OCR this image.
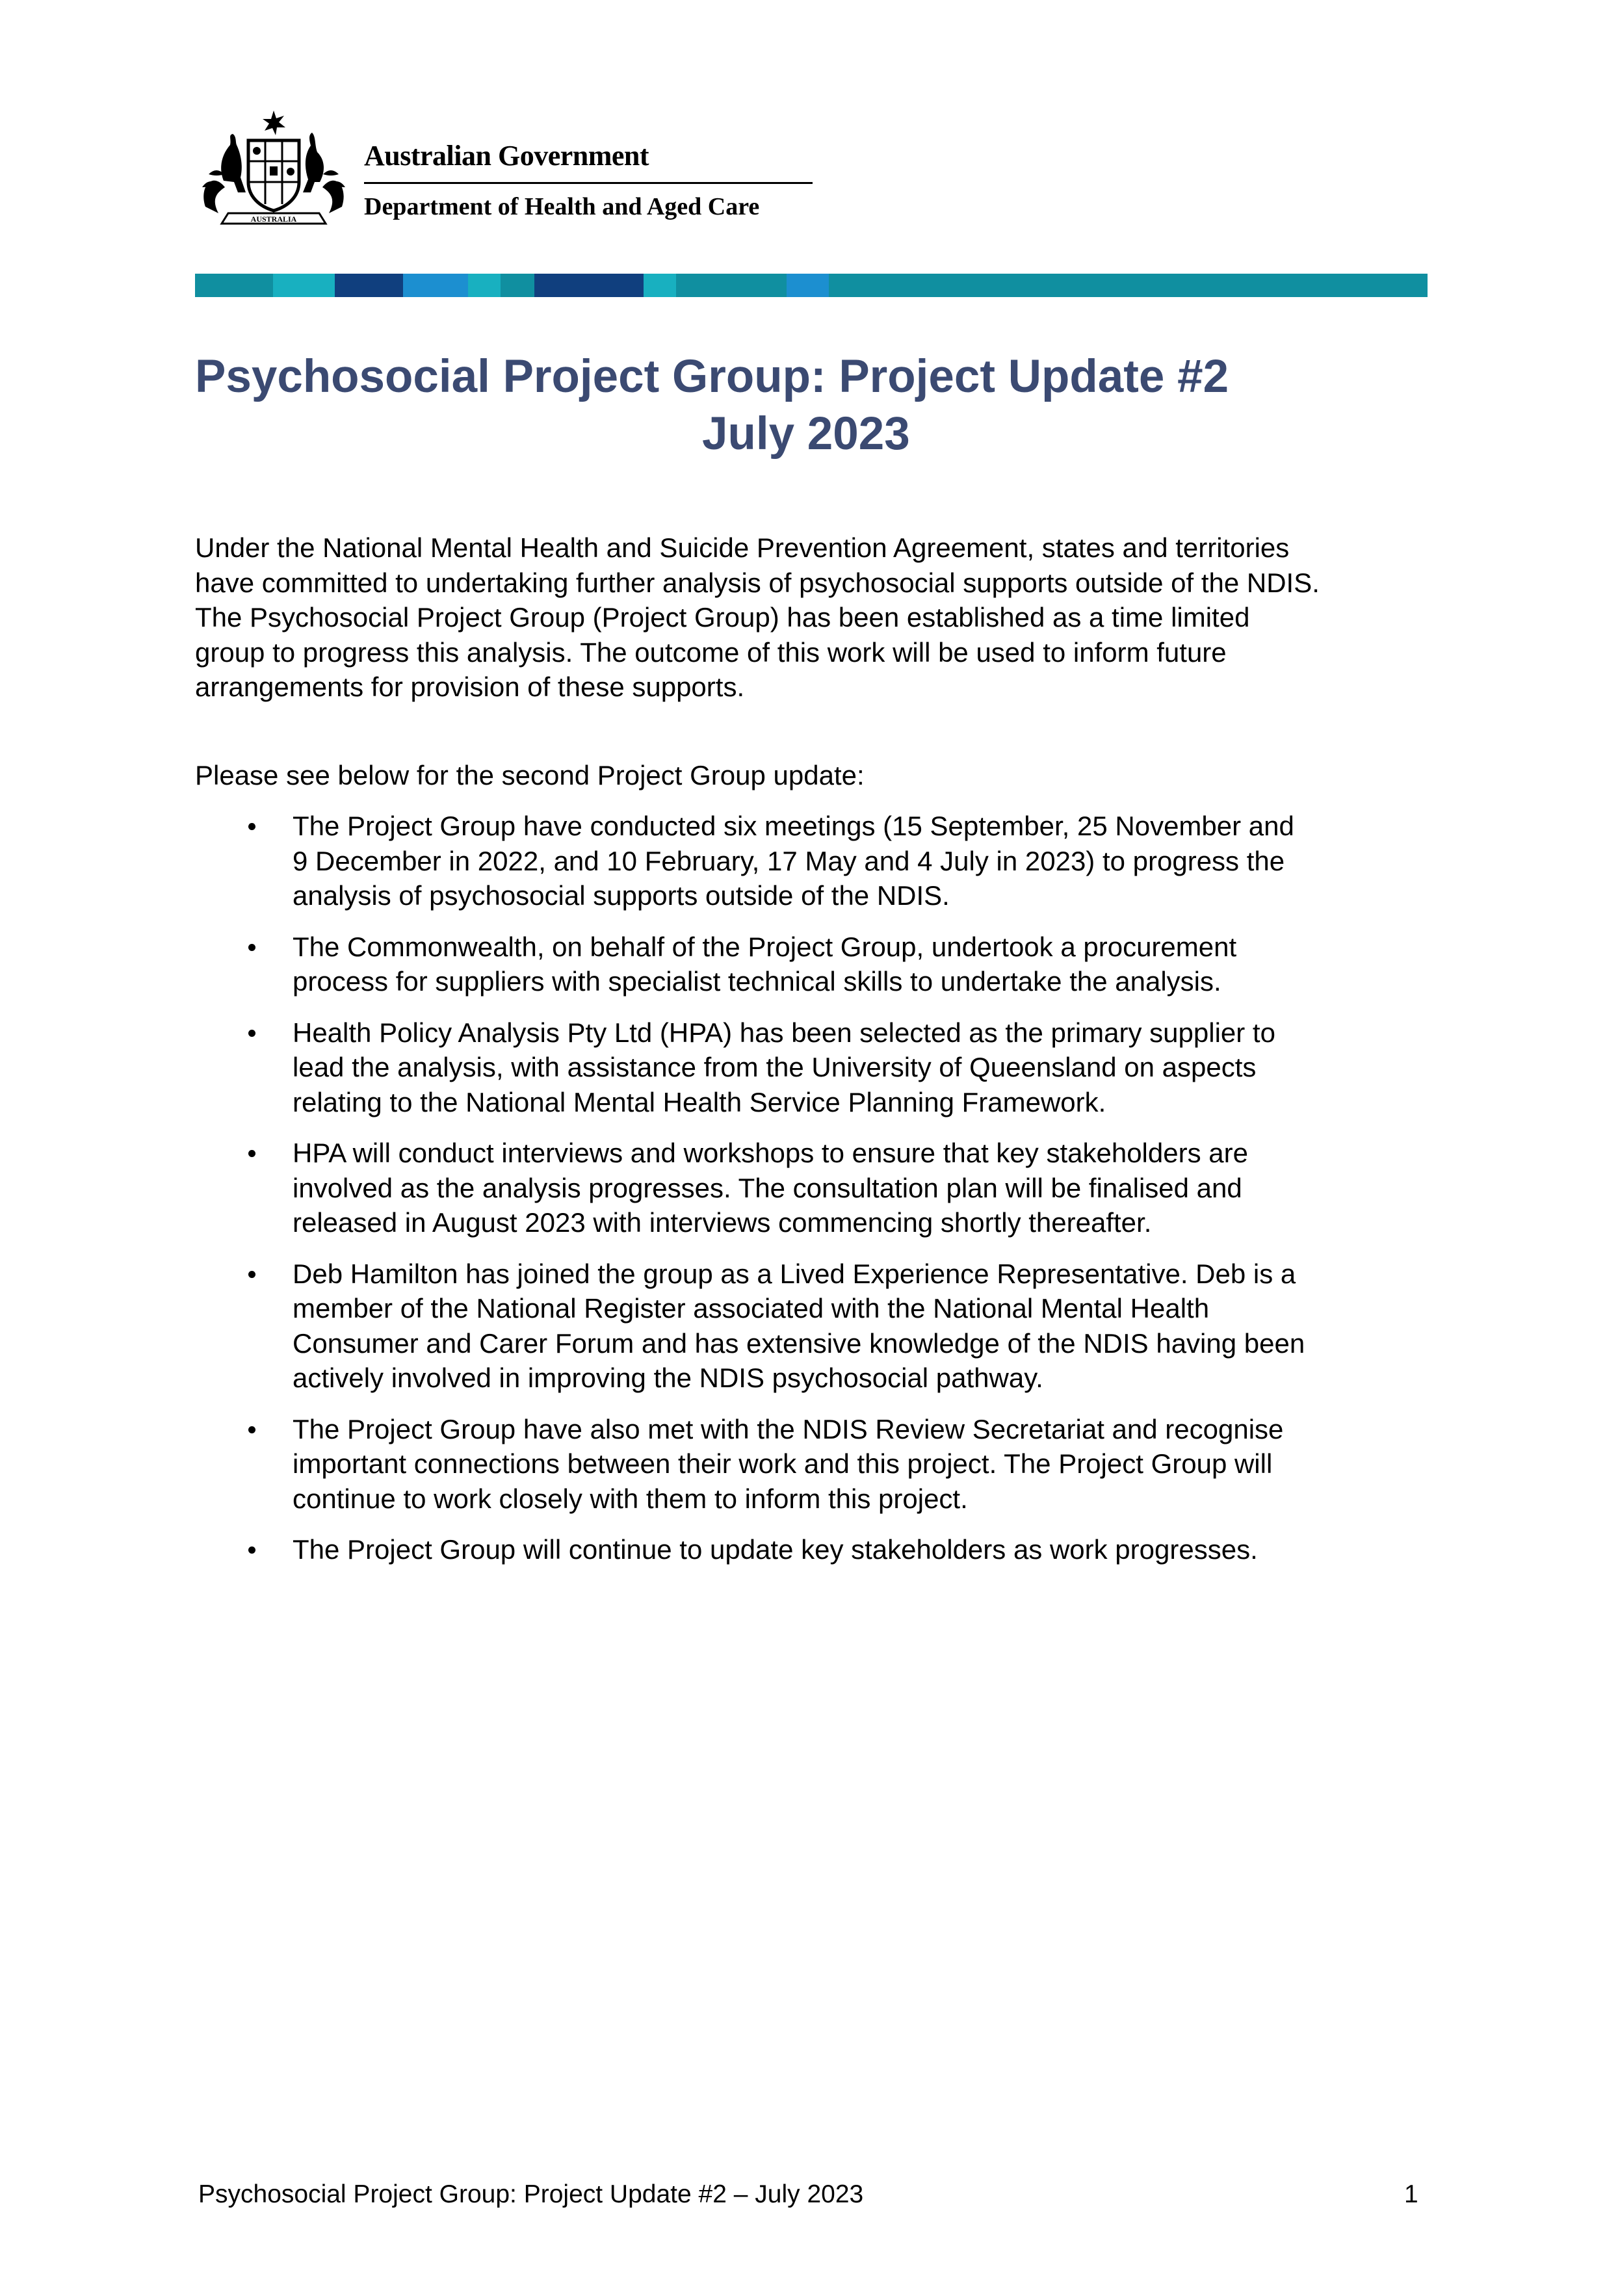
AUSTRALIA
Australian Government
Department of Health and Aged Care
Psychosocial Project Group: Project Update #2
July 2023
Under the National Mental Health and Suicide Prevention Agreement, states and territories
have committed to undertaking further analysis of psychosocial supports outside of the NDIS.
The Psychosocial Project Group (Project Group) has been established as a time limited
group to progress this analysis. The outcome of this work will be used to inform future
arrangements for provision of these supports.
Please see below for the second Project Group update:
The Project Group have conducted six meetings (15 September, 25 November and
9 December in 2022, and 10 February, 17 May and 4 July in 2023) to progress the
analysis of psychosocial supports outside of the NDIS.
The Commonwealth, on behalf of the Project Group, undertook a procurement
process for suppliers with specialist technical skills to undertake the analysis.
Health Policy Analysis Pty Ltd (HPA) has been selected as the primary supplier to
lead the analysis, with assistance from the University of Queensland on aspects
relating to the National Mental Health Service Planning Framework.
HPA will conduct interviews and workshops to ensure that key stakeholders are
involved as the analysis progresses. The consultation plan will be finalised and
released in August 2023 with interviews commencing shortly thereafter.
Deb Hamilton has joined the group as a Lived Experience Representative. Deb is a
member of the National Register associated with the National Mental Health
Consumer and Carer Forum and has extensive knowledge of the NDIS having been
actively involved in improving the NDIS psychosocial pathway.
The Project Group have also met with the NDIS Review Secretariat and recognise
important connections between their work and this project. The Project Group will
continue to work closely with them to inform this project.
The Project Group will continue to update key stakeholders as work progresses.
Psychosocial Project Group: Project Update #2 – July 2023	1
